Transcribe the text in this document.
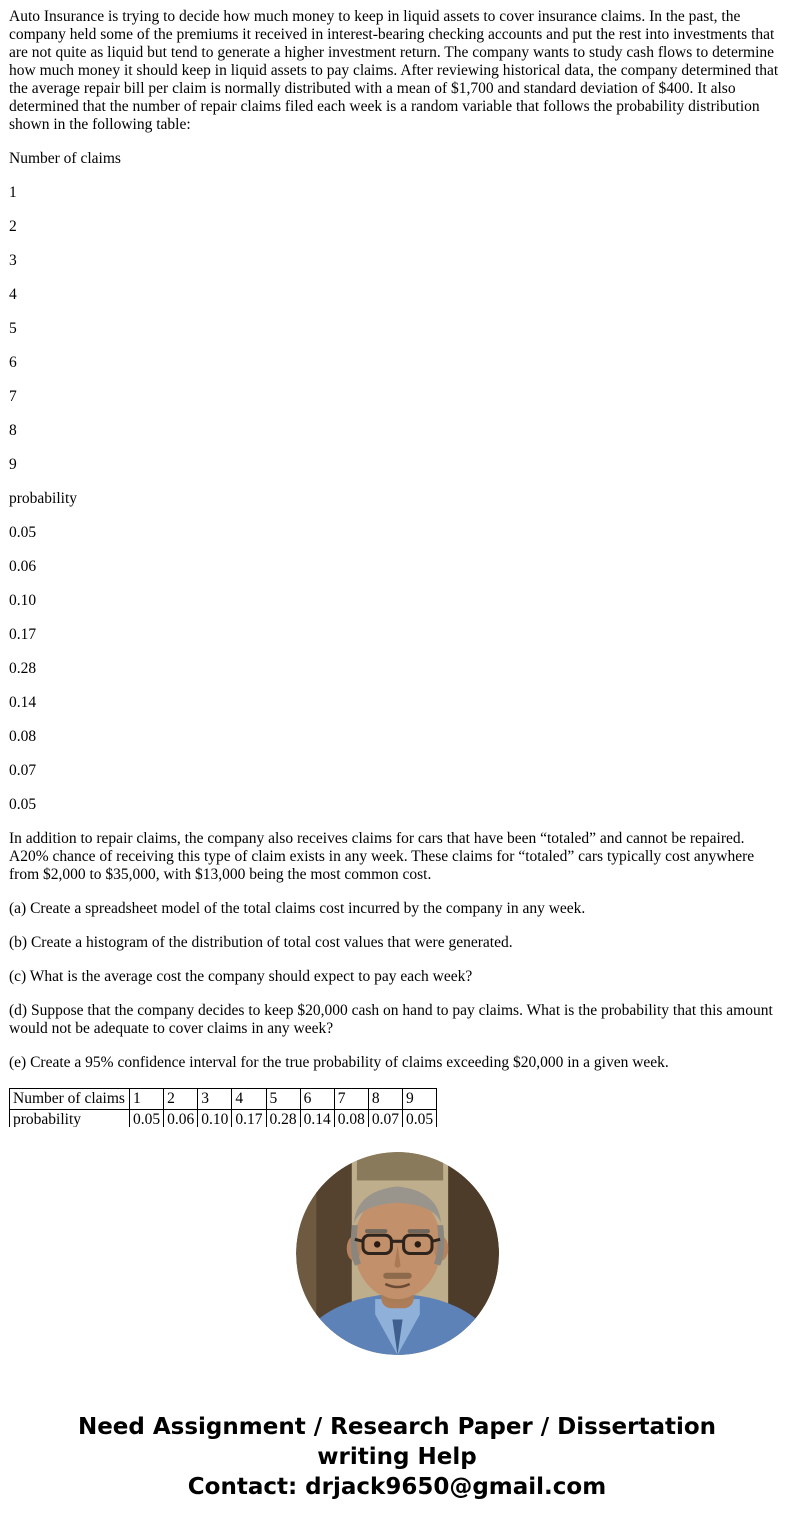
Auto Insurance is trying to decide how much money to keep in liquid assets to cover insurance claims. In the past, the company held some of the premiums it received in interest-bearing checking accounts and put the rest into investments that are not quite as liquid but tend to generate a higher investment return. The company wants to study cash flows to determine how much money it should keep in liquid assets to pay claims. After reviewing historical data, the company determined that the average repair bill per claim is normally distributed with a mean of $1,700 and standard deviation of $400. It also determined that the number of repair claims filed each week is a random variable that follows the probability distribution shown in the following table:

Number of claims

1

2

3

4

5

6

7

8

9

probability

0.05

0.06

0.10

0.17

0.28

0.14

0.08

0.07

0.05

In addition to repair claims, the company also receives claims for cars that have been “totaled” and cannot be repaired. A20% chance of receiving this type of claim exists in any week. These claims for “totaled” cars typically cost anywhere from $2,000 to $35,000, with $13,000 being the most common cost.

(a) Create a spreadsheet model of the total claims cost incurred by the company in any week.

(b) Create a histogram of the distribution of total cost values that were generated.

(c) What is the average cost the company should expect to pay each week?

(d) Suppose that the company decides to keep $20,000 cash on hand to pay claims. What is the probability that this amount would not be adequate to cover claims in any week?

(e) Create a 95% confidence interval for the true probability of claims exceeding $20,000 in a given week.

Number of claims	1	2	3	4	5	6	7	8	9
probability	0.05	0.06	0.10	0.17	0.28	0.14	0.08	0.07	0.05
Need Assignment / Research Paper / Dissertation
writing Help
Contact: drjack9650@gmail.com
